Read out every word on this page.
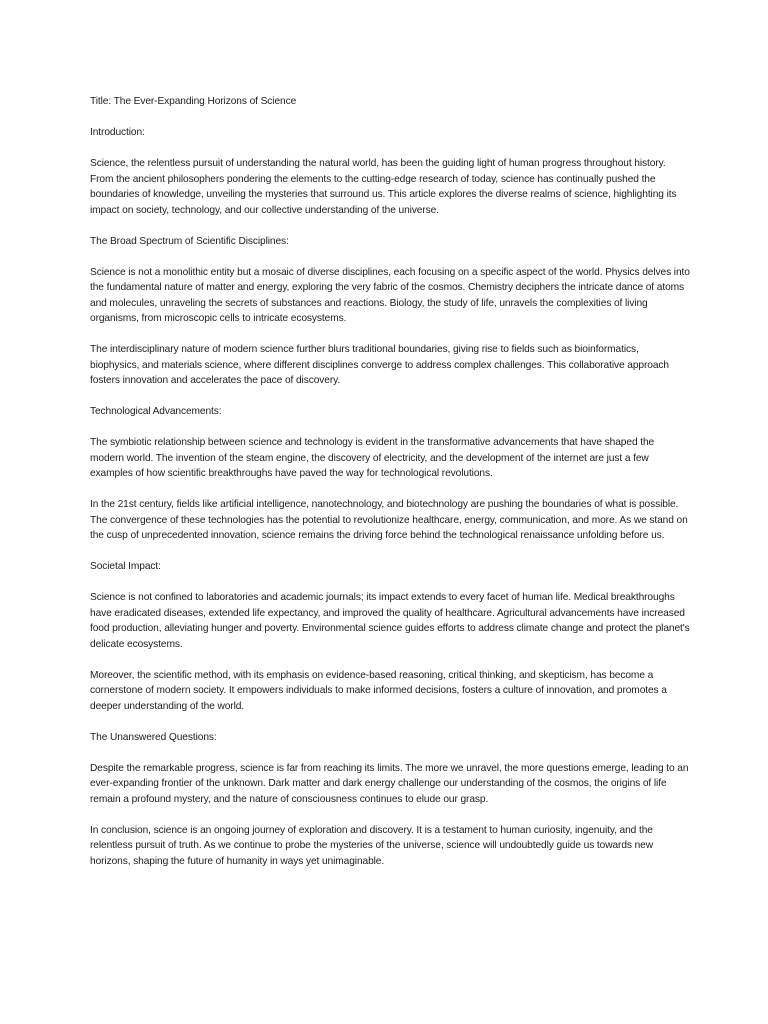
Title: The Ever-Expanding Horizons of Science

Introduction:

Science, the relentless pursuit of understanding the natural world, has been the guiding light of human progress throughout history. From the ancient philosophers pondering the elements to the cutting-edge research of today, science has continually pushed the boundaries of knowledge, unveiling the mysteries that surround us. This article explores the diverse realms of science, highlighting its impact on society, technology, and our collective understanding of the universe.

The Broad Spectrum of Scientific Disciplines:

Science is not a monolithic entity but a mosaic of diverse disciplines, each focusing on a specific aspect of the world. Physics delves into the fundamental nature of matter and energy, exploring the very fabric of the cosmos. Chemistry deciphers the intricate dance of atoms and molecules, unraveling the secrets of substances and reactions. Biology, the study of life, unravels the complexities of living organisms, from microscopic cells to intricate ecosystems.

The interdisciplinary nature of modern science further blurs traditional boundaries, giving rise to fields such as bioinformatics, biophysics, and materials science, where different disciplines converge to address complex challenges. This collaborative approach fosters innovation and accelerates the pace of discovery.

Technological Advancements:

The symbiotic relationship between science and technology is evident in the transformative advancements that have shaped the modern world. The invention of the steam engine, the discovery of electricity, and the development of the internet are just a few examples of how scientific breakthroughs have paved the way for technological revolutions.

In the 21st century, fields like artificial intelligence, nanotechnology, and biotechnology are pushing the boundaries of what is possible. The convergence of these technologies has the potential to revolutionize healthcare, energy, communication, and more. As we stand on the cusp of unprecedented innovation, science remains the driving force behind the technological renaissance unfolding before us.

Societal Impact:

Science is not confined to laboratories and academic journals; its impact extends to every facet of human life. Medical breakthroughs have eradicated diseases, extended life expectancy, and improved the quality of healthcare. Agricultural advancements have increased food production, alleviating hunger and poverty. Environmental science guides efforts to address climate change and protect the planet's delicate ecosystems.

Moreover, the scientific method, with its emphasis on evidence-based reasoning, critical thinking, and skepticism, has become a cornerstone of modern society. It empowers individuals to make informed decisions, fosters a culture of innovation, and promotes a deeper understanding of the world.

The Unanswered Questions:

Despite the remarkable progress, science is far from reaching its limits. The more we unravel, the more questions emerge, leading to an ever-expanding frontier of the unknown. Dark matter and dark energy challenge our understanding of the cosmos, the origins of life remain a profound mystery, and the nature of consciousness continues to elude our grasp.

In conclusion, science is an ongoing journey of exploration and discovery. It is a testament to human curiosity, ingenuity, and the relentless pursuit of truth. As we continue to probe the mysteries of the universe, science will undoubtedly guide us towards new horizons, shaping the future of humanity in ways yet unimaginable.
